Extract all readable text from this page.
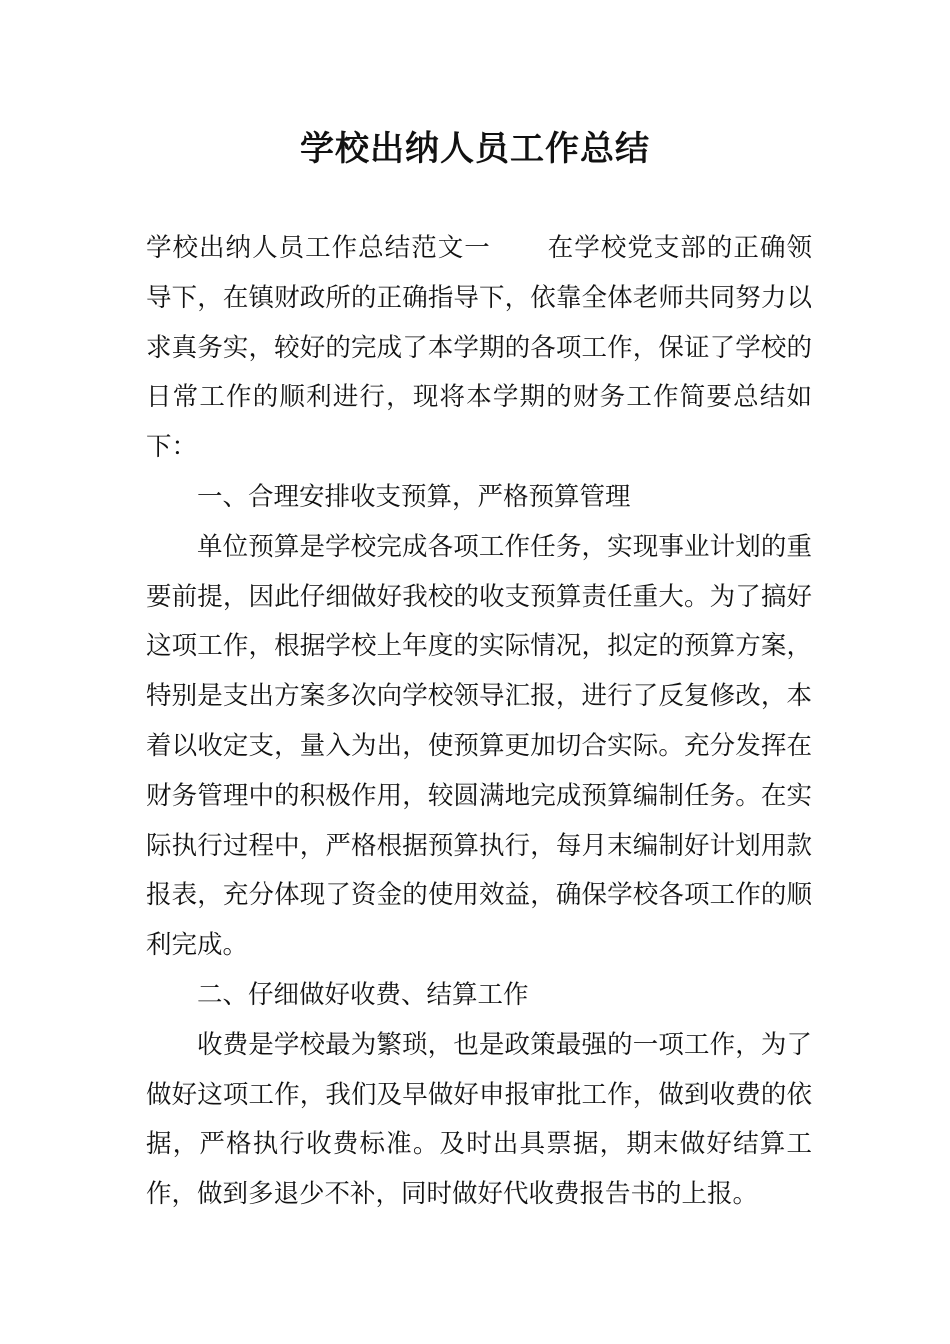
学校出纳人员工作总结

学校出纳人员工作总结范文一 在学校党支部的正确领导下，在镇财政所的正确指导下，依靠全体老师共同努力以求真务实，较好的完成了本学期的各项工作，保证了学校的日常工作的顺利进行，现将本学期的财务工作简要总结如下：

一、合理安排收支预算，严格预算管理

单位预算是学校完成各项工作任务，实现事业计划的重要前提，因此仔细做好我校的收支预算责任重大。为了搞好这项工作，根据学校上年度的实际情况，拟定的预算方案，特别是支出方案多次向学校领导汇报，进行了反复修改，本着以收定支，量入为出，使预算更加切合实际。充分发挥在财务管理中的积极作用，较圆满地完成预算编制任务。在实际执行过程中，严格根据预算执行，每月末编制好计划用款报表，充分体现了资金的使用效益，确保学校各项工作的顺利完成。

二、仔细做好收费、结算工作

收费是学校最为繁琐，也是政策最强的一项工作，为了做好这项工作，我们及早做好申报审批工作，做到收费的依据，严格执行收费标准。及时出具票据，期末做好结算工作，做到多退少不补，同时做好代收费报告书的上报。
